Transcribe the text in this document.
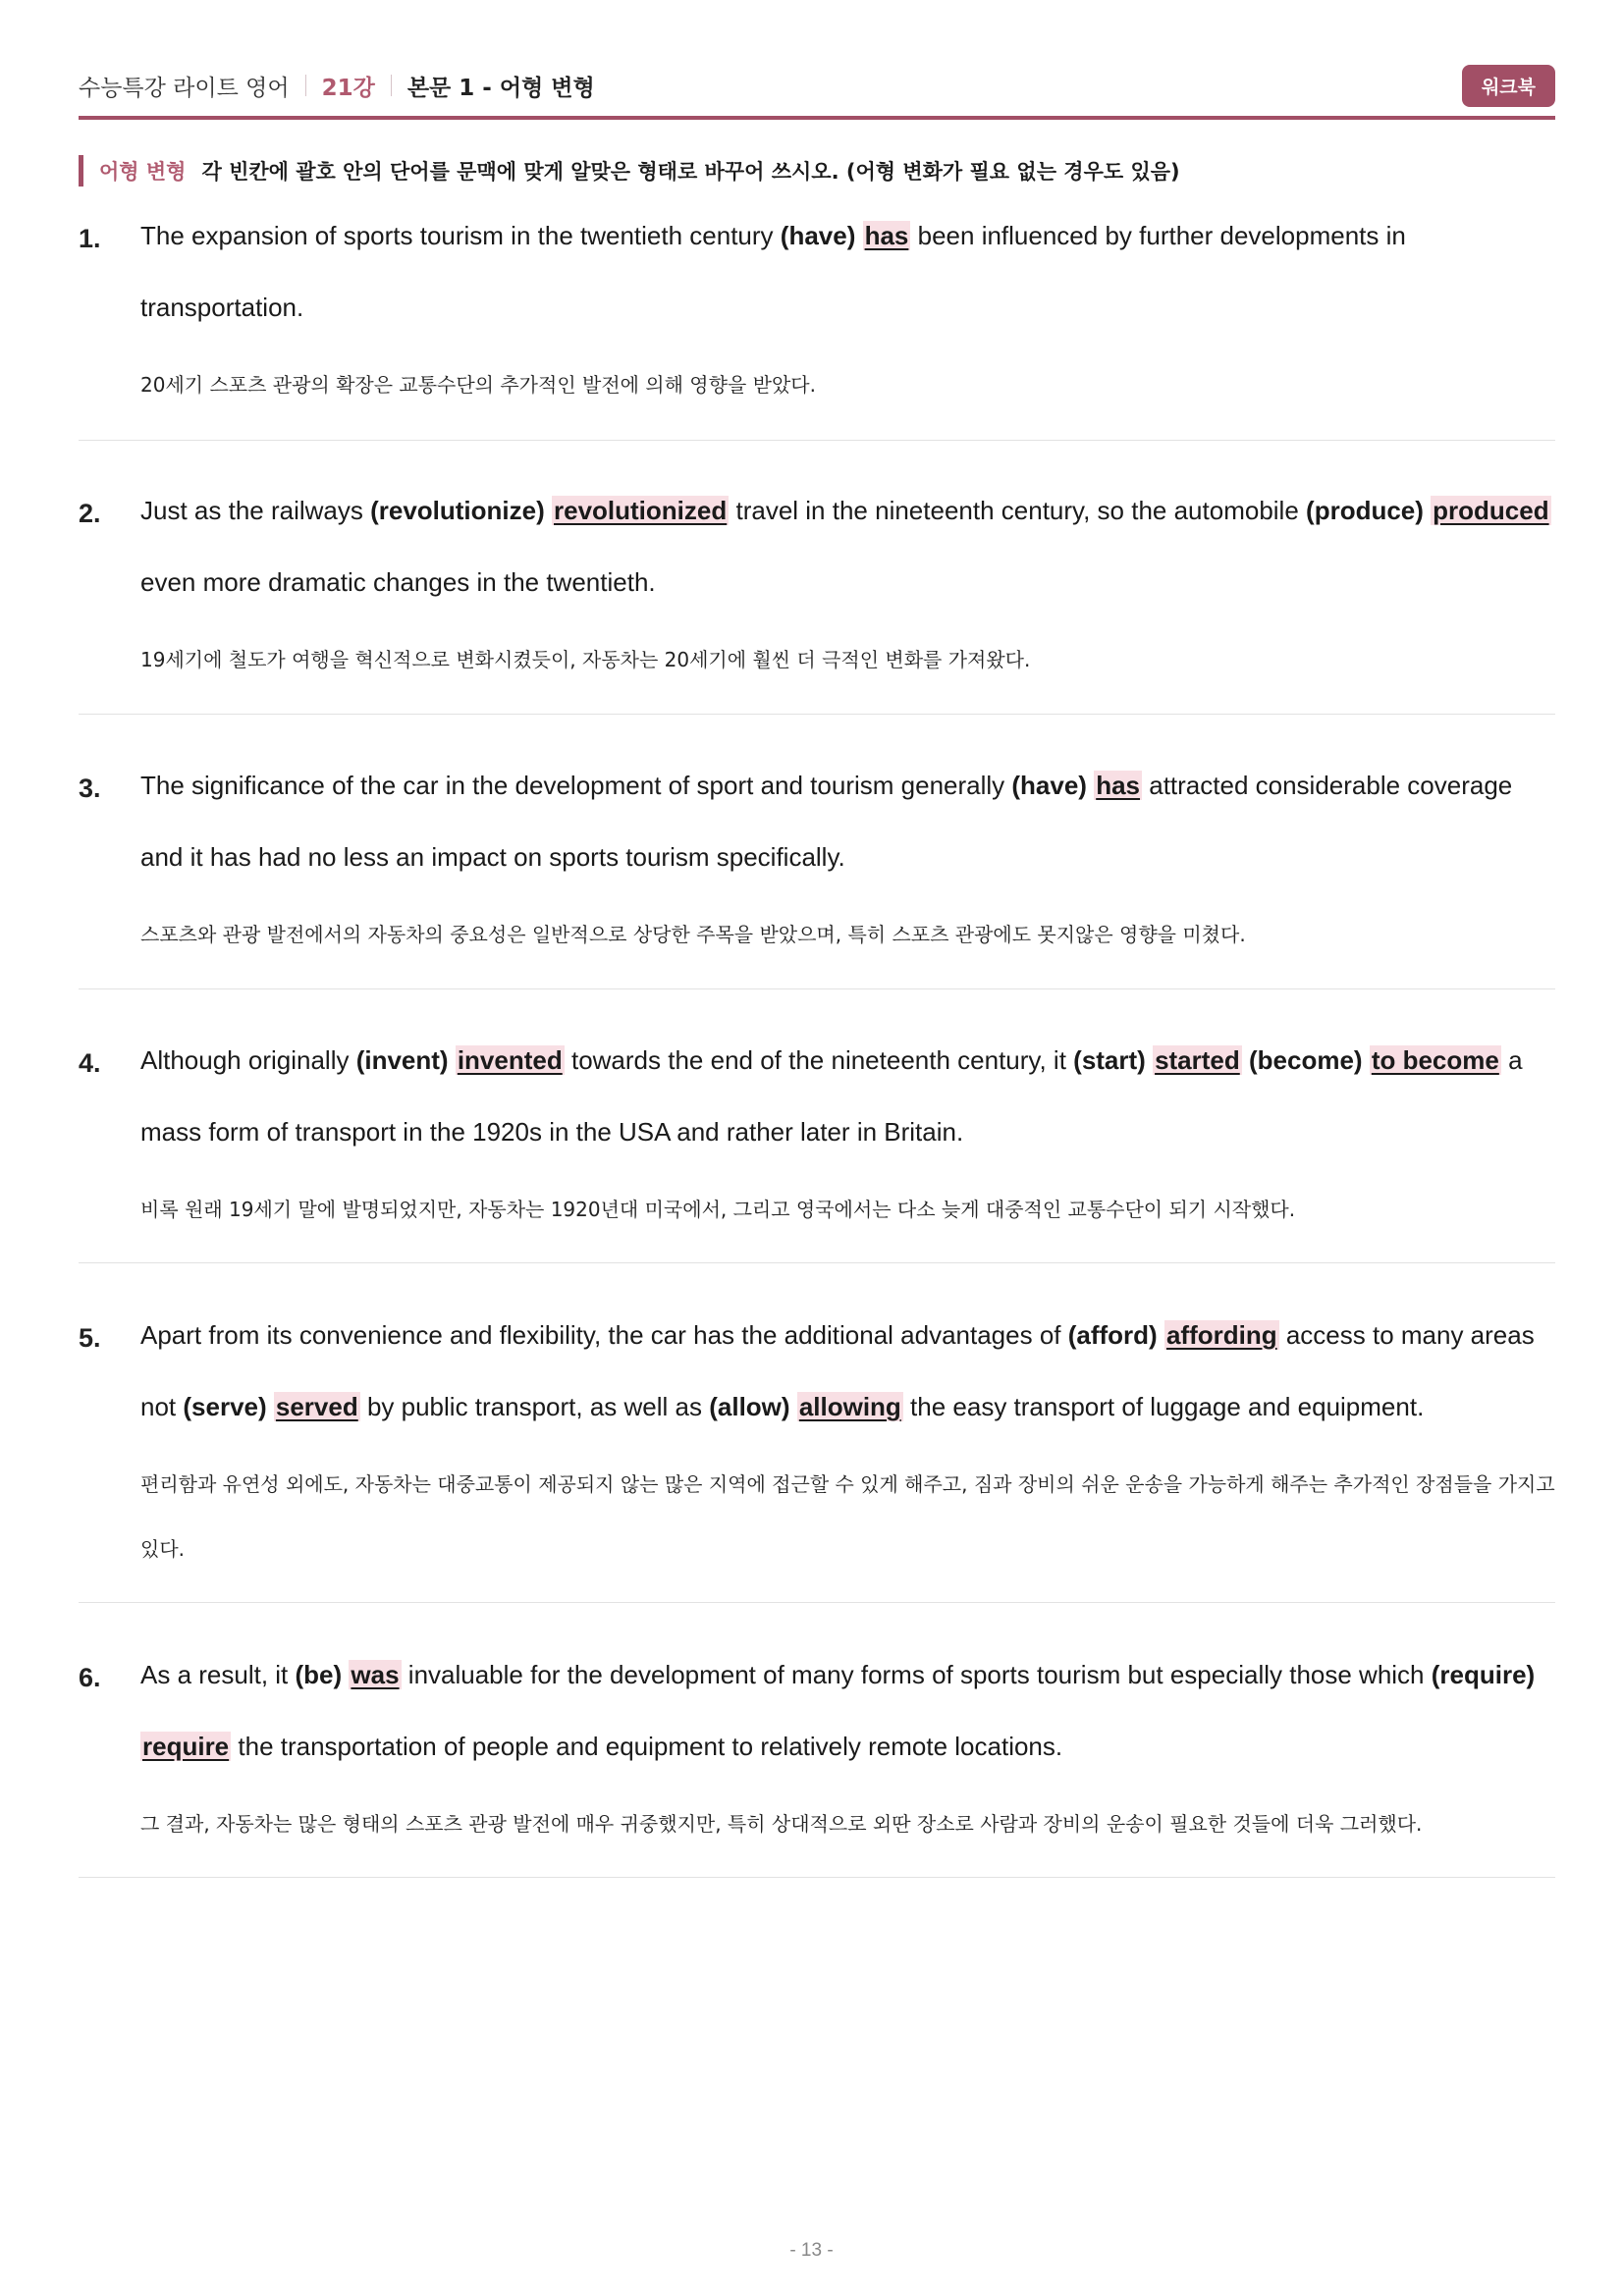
수능특강 라이트 영어 21강 본문 1 - 어형 변형	워크북
어형 변형 각 빈칸에 괄호 안의 단어를 문맥에 맞게 알맞은 형태로 바꾸어 쓰시오. (어형 변화가 필요 없는 경우도 있음)
1. The expansion of sports tourism in the twentieth century (have) has been influenced by further developments in transportation.
20세기 스포츠 관광의 확장은 교통수단의 추가적인 발전에 의해 영향을 받았다.
2. Just as the railways (revolutionize) revolutionized travel in the nineteenth century, so the automobile (produce) produced even more dramatic changes in the twentieth.
19세기에 철도가 여행을 혁신적으로 변화시켰듯이, 자동차는 20세기에 훨씬 더 극적인 변화를 가져왔다.
3. The significance of the car in the development of sport and tourism generally (have) has attracted considerable coverage and it has had no less an impact on sports tourism specifically.
스포츠와 관광 발전에서의 자동차의 중요성은 일반적으로 상당한 주목을 받았으며, 특히 스포츠 관광에도 못지않은 영향을 미쳤다.
4. Although originally (invent) invented towards the end of the nineteenth century, it (start) started (become) to become a mass form of transport in the 1920s in the USA and rather later in Britain.
비록 원래 19세기 말에 발명되었지만, 자동차는 1920년대 미국에서, 그리고 영국에서는 다소 늦게 대중적인 교통수단이 되기 시작했다.
5. Apart from its convenience and flexibility, the car has the additional advantages of (afford) affording access to many areas not (serve) served by public transport, as well as (allow) allowing the easy transport of luggage and equipment.
편리함과 유연성 외에도, 자동차는 대중교통이 제공되지 않는 많은 지역에 접근할 수 있게 해주고, 짐과 장비의 쉬운 운송을 가능하게 해주는 추가적인 장점들을 가지고 있다.
6. As a result, it (be) was invaluable for the development of many forms of sports tourism but especially those which (require) require the transportation of people and equipment to relatively remote locations.
그 결과, 자동차는 많은 형태의 스포츠 관광 발전에 매우 귀중했지만, 특히 상대적으로 외딴 장소로 사람과 장비의 운송이 필요한 것들에 더욱 그러했다.
- 13 -
